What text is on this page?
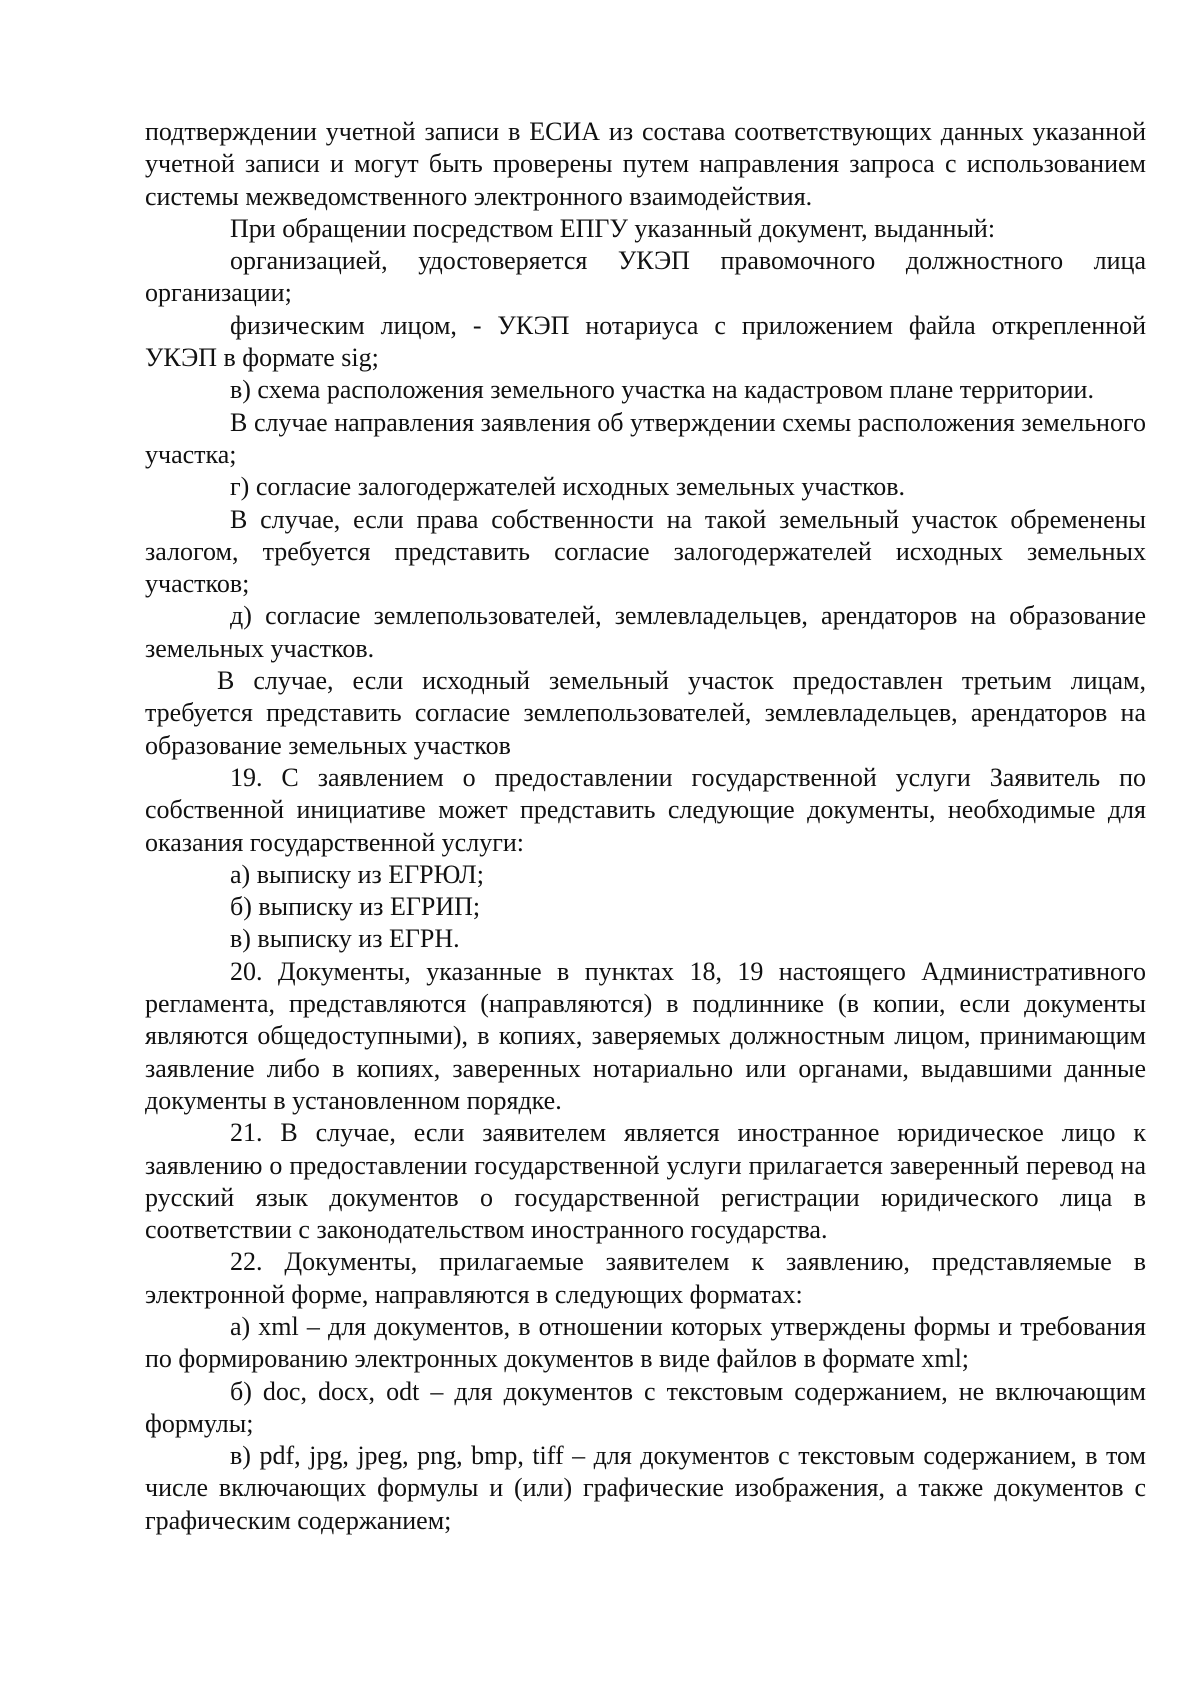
подтверждении учетной записи в ЕСИА из состава соответствующих данных указанной учетной записи и могут быть проверены путем направления запроса с использованием системы межведомственного электронного взаимодействия.

При обращении посредством ЕПГУ указанный документ, выданный:

организацией, удостоверяется УКЭП правомочного должностного лица организации;

физическим лицом, - УКЭП нотариуса с приложением файла открепленной УКЭП в формате sig;

в) схема расположения земельного участка на кадастровом плане территории.

В случае направления заявления об утверждении схемы расположения земельного участка;

г) согласие залогодержателей исходных земельных участков.

В случае, если права собственности на такой земельный участок обременены залогом, требуется представить согласие залогодержателей исходных земельных участков;

д) согласие землепользователей, землевладельцев, арендаторов на образование земельных участков.

В случае, если исходный земельный участок предоставлен третьим лицам, требуется представить согласие землепользователей, землевладельцев, арендаторов на образование земельных участков

19. С заявлением о предоставлении государственной услуги Заявитель по собственной инициативе может представить следующие документы, необходимые для оказания государственной услуги:

а) выписку из ЕГРЮЛ;

б) выписку из ЕГРИП;

в) выписку из ЕГРН.

20. Документы, указанные в пунктах 18, 19 настоящего Административного регламента, представляются (направляются) в подлиннике (в копии, если документы являются общедоступными), в копиях, заверяемых должностным лицом, принимающим заявление либо в копиях, заверенных нотариально или органами, выдавшими данные документы в установленном порядке.

21. В случае, если заявителем является иностранное юридическое лицо к заявлению о предоставлении государственной услуги прилагается заверенный перевод на русский язык документов о государственной регистрации юридического лица в соответствии с законодательством иностранного государства.

22. Документы, прилагаемые заявителем к заявлению, представляемые в электронной форме, направляются в следующих форматах:

а) xml – для документов, в отношении которых утверждены формы и требования по формированию электронных документов в виде файлов в формате xml;

б) doc, docx, odt – для документов с текстовым содержанием, не включающим формулы;

в) pdf, jpg, jpeg, png, bmp, tiff – для документов с текстовым содержанием, в том числе включающих формулы и (или) графические изображения, а также документов с графическим содержанием;
